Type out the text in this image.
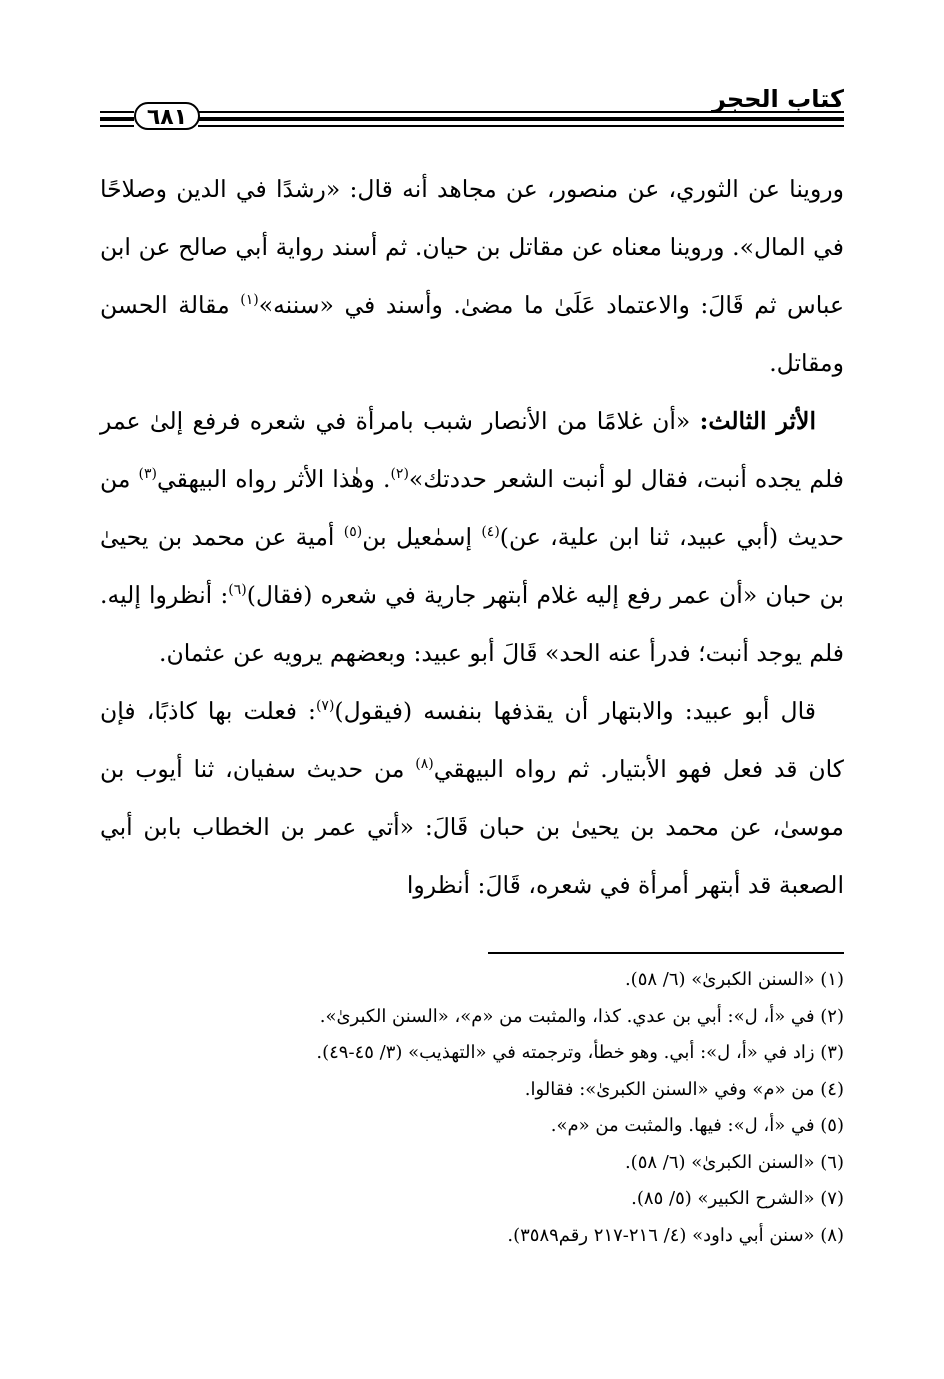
كتاب الحجر
٦٨١

وروينا عن الثوري، عن منصور، عن مجاهد أنه قال: «رشدًا في الدين وصلاحًا في المال». وروينا معناه عن مقاتل بن حيان. ثم أسند رواية أبي صالح عن ابن عباس ثم قَالَ: والاعتماد عَلَىٰ ما مضىٰ. وأسند في «سننه»$^{(١)}$ مقالة الحسن ومقاتل.

الأثر الثالث: «أن غلامًا من الأنصار شبب بامرأة في شعره فرفع إلىٰ عمر فلم يجده أنبت، فقال لو أنبت الشعر حددتك»$^{(٢)}$. وهٰذا الأثر رواه البيهقي$^{(٣)}$ من حديث (أبي عبيد، ثنا ابن علية، عن)$^{(٤)}$ إسمٰعيل بن$^{(٥)}$ أمية عن محمد بن يحيىٰ بن حبان «أن عمر رفع إليه غلام أبتهر جارية في شعره (فقال)$^{(٦)}$: أنظروا إليه. فلم يوجد أنبت؛ فدرأ عنه الحد» قَالَ أبو عبيد: وبعضهم يرويه عن عثمان.

قال أبو عبيد: والابتهار أن يقذفها بنفسه (فيقول)$^{(٧)}$: فعلت بها كاذبًا، فإن كان قد فعل فهو الأبتيار. ثم رواه البيهقي$^{(٨)}$ من حديث سفيان، ثنا أيوب بن موسىٰ، عن محمد بن يحيىٰ بن حبان قَالَ: «أتي عمر بن الخطاب بابن أبي الصعبة قد أبتهر أمرأة في شعره، قَالَ: أنظروا

(١) «السنن الكبرىٰ» (٦/ ٥٨).

(٢) في «أ، ل»: أبي بن عدي. كذا، والمثبت من «م»، «السنن الكبرىٰ».

(٣) زاد في «أ، ل»: أبي. وهو خطأ، وترجمته في «التهذيب» (٣/ ٤٥-٤٩).

(٤) من «م» وفي «السنن الكبرىٰ»: فقالوا.

(٥) في «أ، ل»: فيها. والمثبت من «م».

(٦) «السنن الكبرىٰ» (٦/ ٥٨).

(٧) «الشرح الكبير» (٥/ ٨٥).

(٨) «سنن أبي داود» (٤/ ٢١٦-٢١٧ رقم٣٥٨٩).
